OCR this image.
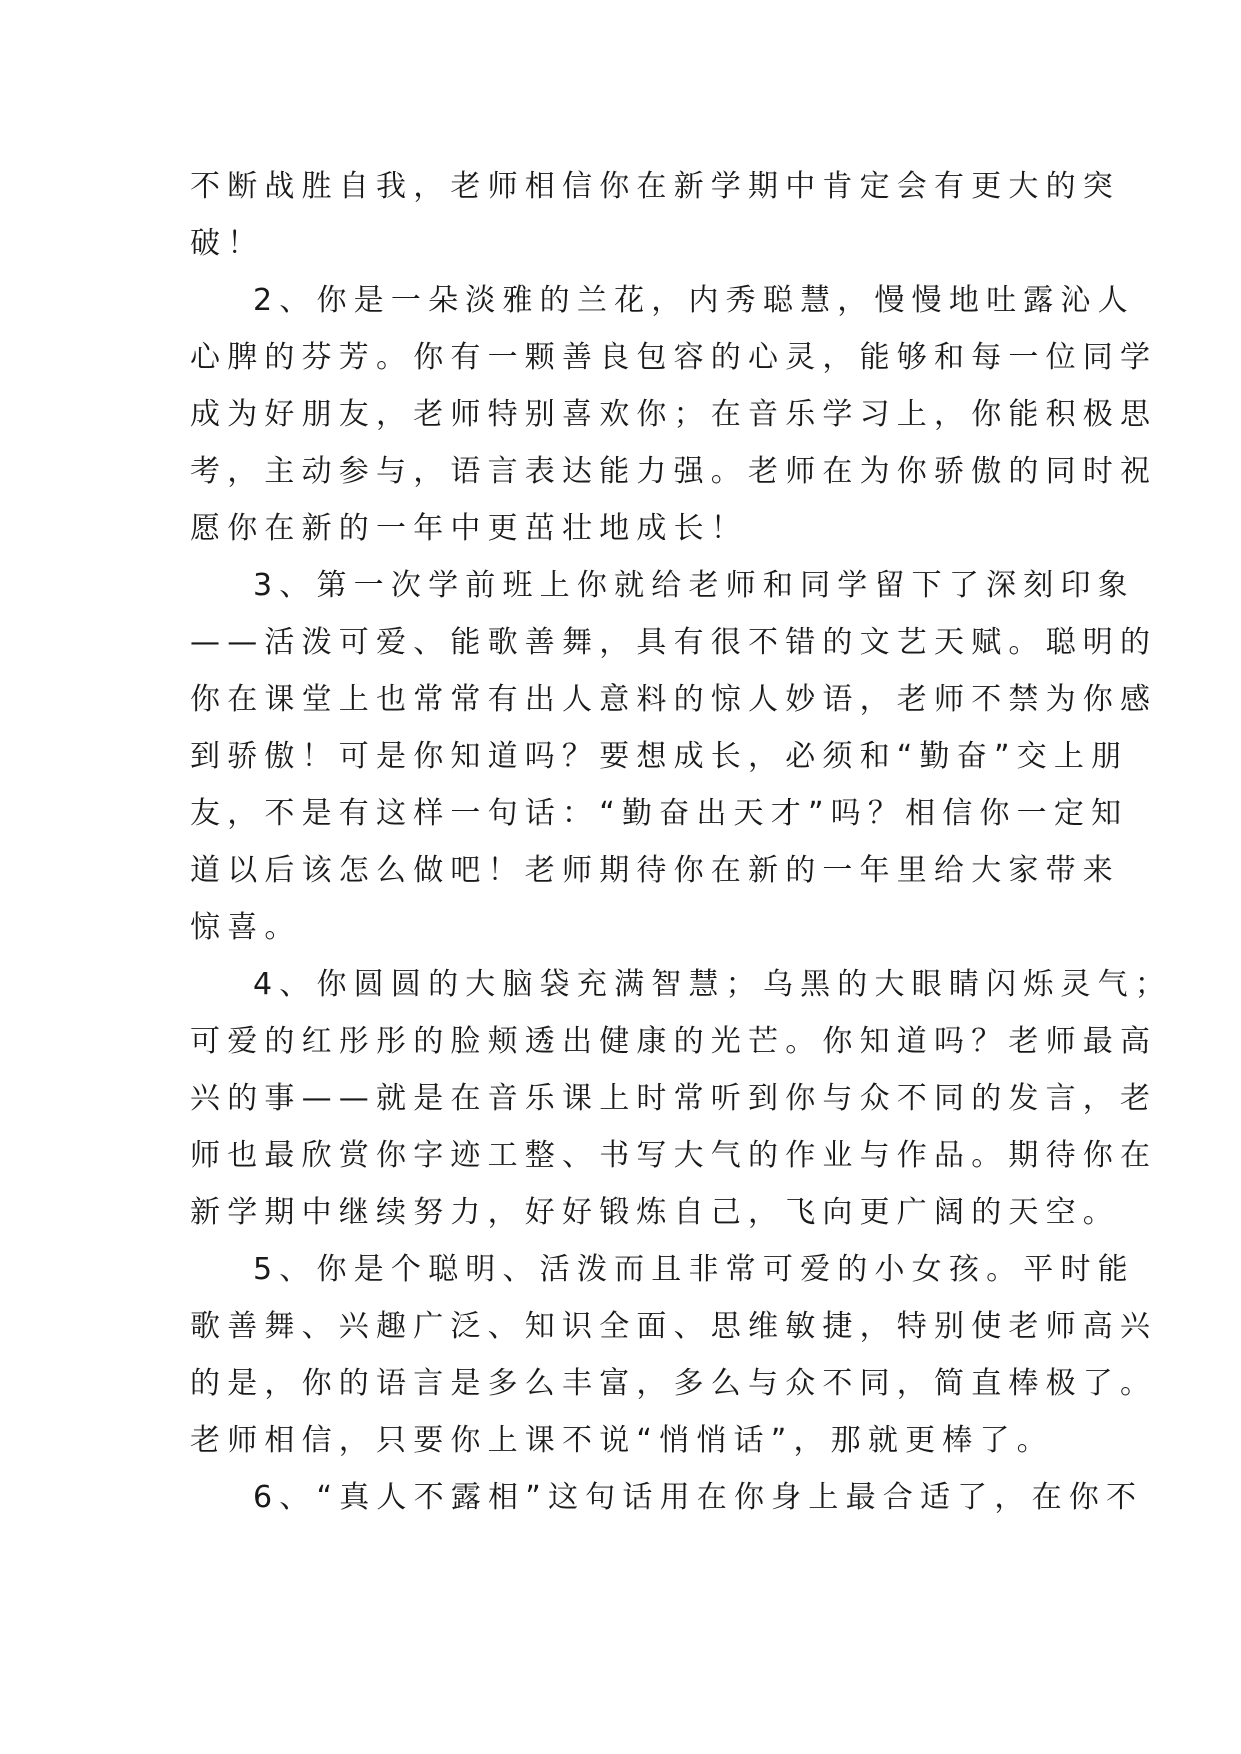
不断战胜自我，老师相信你在新学期中肯定会有更大的突
破！
2、你是一朵淡雅的兰花，内秀聪慧，慢慢地吐露沁人
心脾的芬芳。你有一颗善良包容的心灵，能够和每一位同学
成为好朋友，老师特别喜欢你；在音乐学习上，你能积极思
考，主动参与，语言表达能力强。老师在为你骄傲的同时祝
愿你在新的一年中更茁壮地成长！
3、第一次学前班上你就给老师和同学留下了深刻印象
——活泼可爱、能歌善舞，具有很不错的文艺天赋。聪明的
你在课堂上也常常有出人意料的惊人妙语，老师不禁为你感
到骄傲！可是你知道吗？要想成长，必须和“勤奋”交上朋
友，不是有这样一句话：“勤奋出天才”吗？相信你一定知
道以后该怎么做吧！老师期待你在新的一年里给大家带来
惊喜。
4、你圆圆的大脑袋充满智慧；乌黑的大眼睛闪烁灵气；
可爱的红彤彤的脸颊透出健康的光芒。你知道吗？老师最高
兴的事——就是在音乐课上时常听到你与众不同的发言，老
师也最欣赏你字迹工整、书写大气的作业与作品。期待你在
新学期中继续努力，好好锻炼自己，飞向更广阔的天空。
5、你是个聪明、活泼而且非常可爱的小女孩。平时能
歌善舞、兴趣广泛、知识全面、思维敏捷，特别使老师高兴
的是，你的语言是多么丰富，多么与众不同，简直棒极了。
老师相信，只要你上课不说“悄悄话”，那就更棒了。
6、“真人不露相”这句话用在你身上最合适了，在你不
